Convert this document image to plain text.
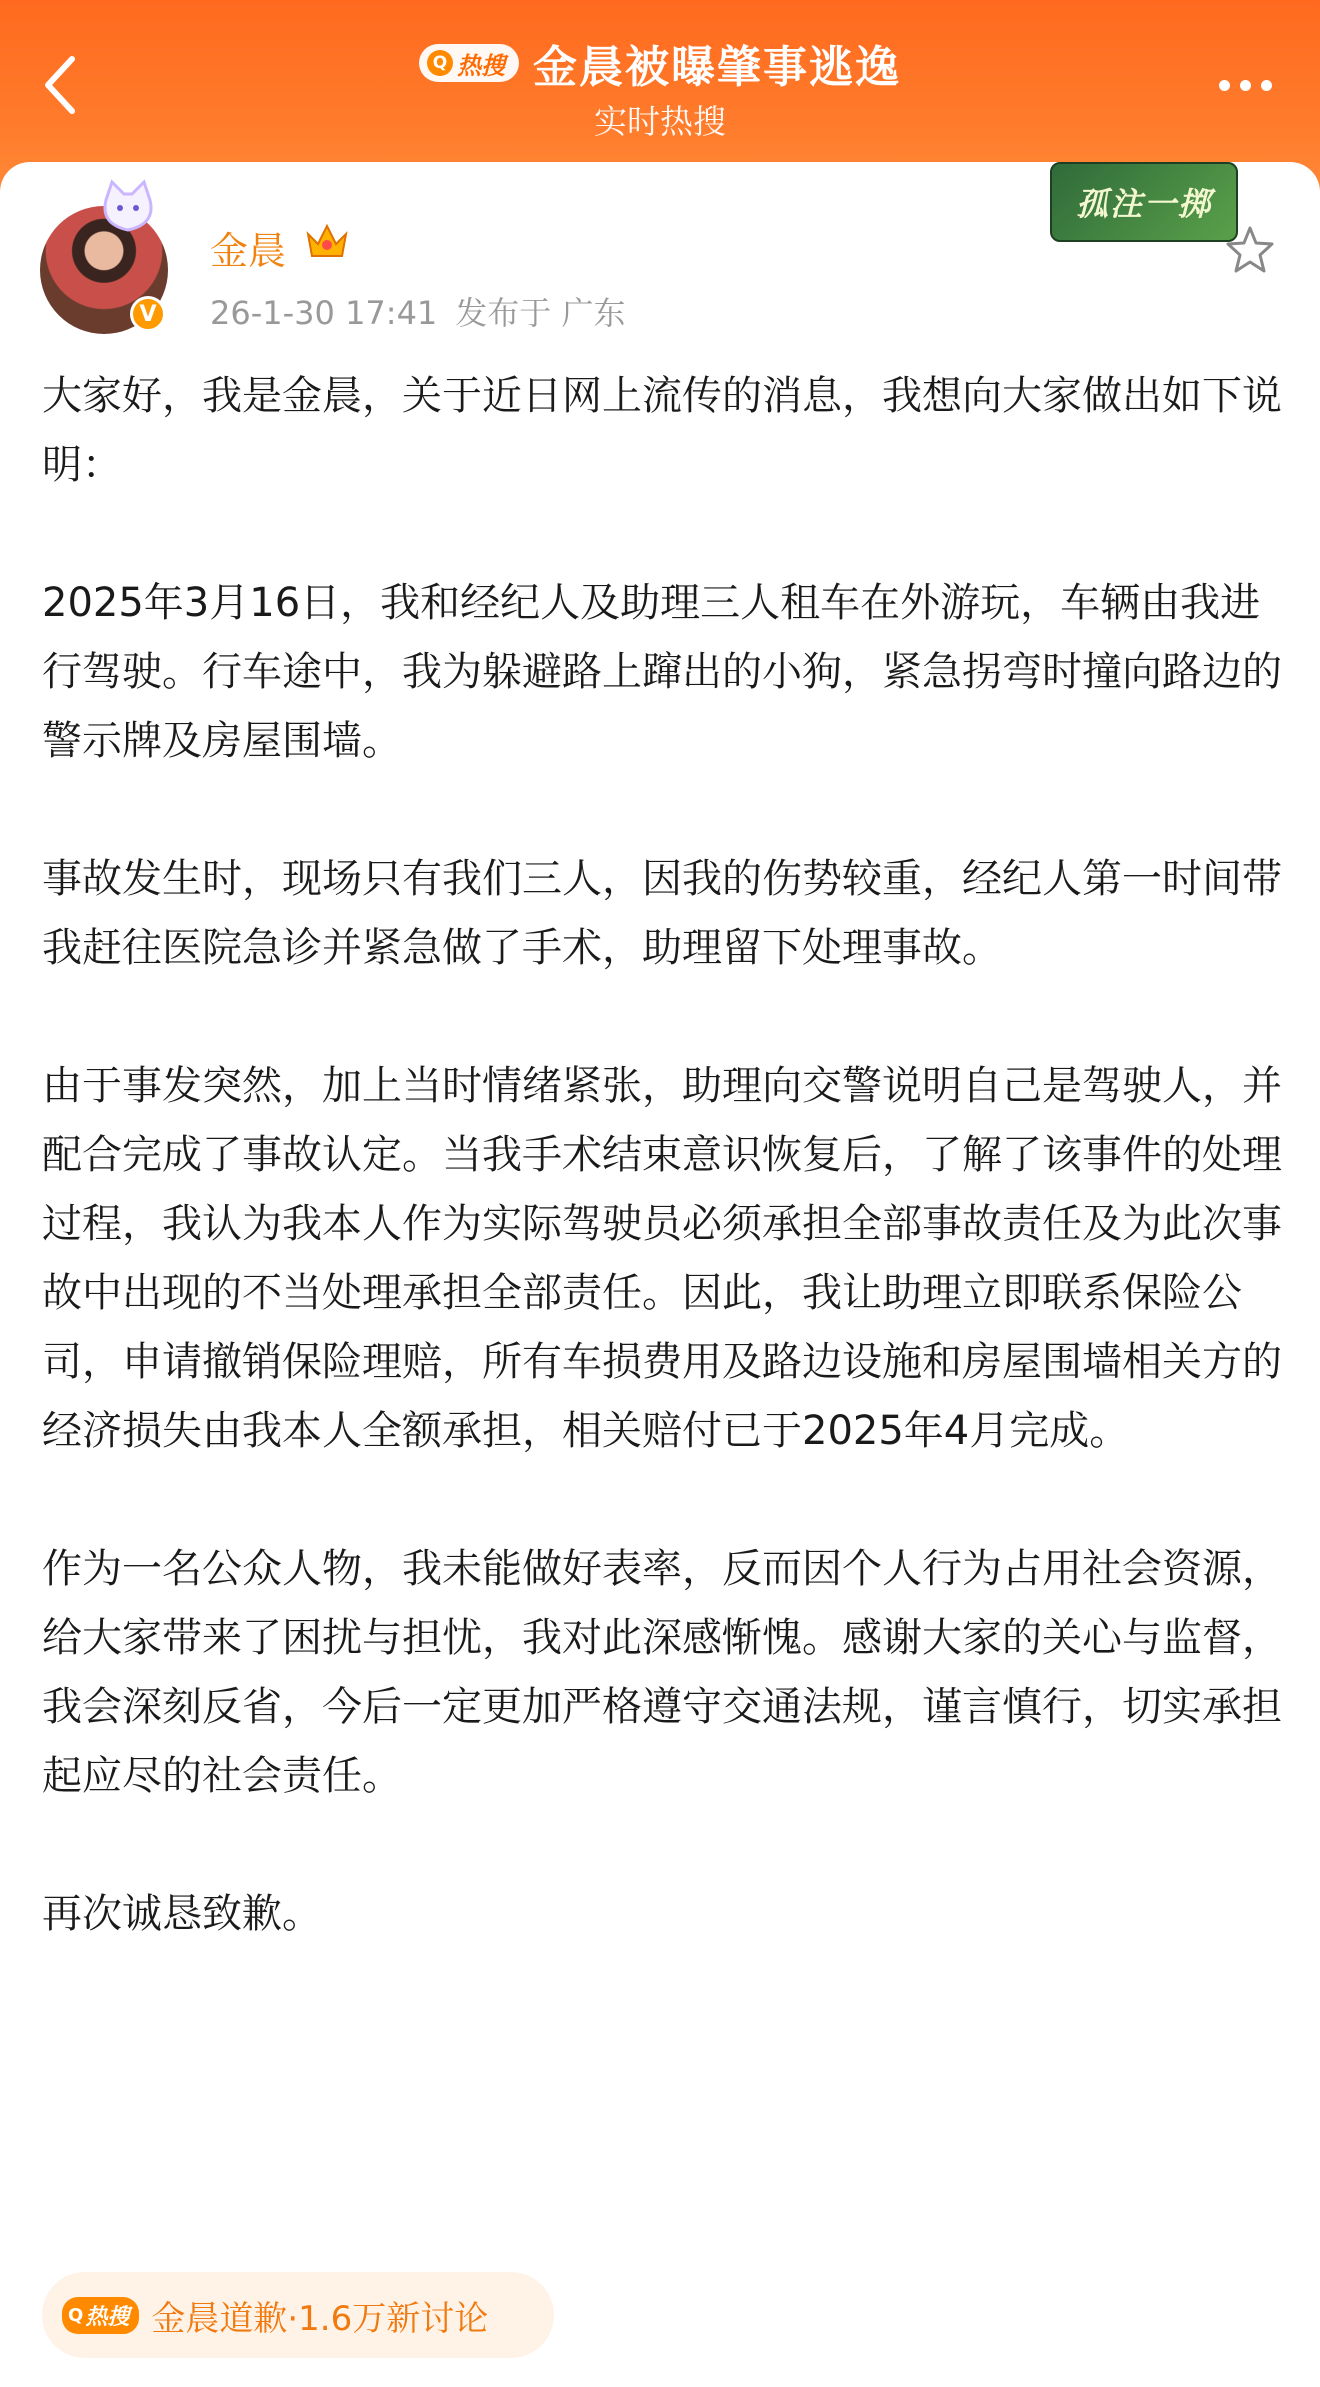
Q 热搜 金晨被曝肇事逃逸
实时热搜
V
金晨
26-1-30 17:41 发布于 广东
孤注一掷

大家好，我是金晨，关于近日网上流传的消息，我想向大家做出如下说明：

2025年3月16日，我和经纪人及助理三人租车在外游玩，车辆由我进行驾驶。行车途中，我为躲避路上蹿出的小狗，紧急拐弯时撞向路边的警示牌及房屋围墙。

事故发生时，现场只有我们三人，因我的伤势较重，经纪人第一时间带我赶往医院急诊并紧急做了手术，助理留下处理事故。

由于事发突然，加上当时情绪紧张，助理向交警说明自己是驾驶人，并配合完成了事故认定。当我手术结束意识恢复后，了解了该事件的处理过程，我认为我本人作为实际驾驶员必须承担全部事故责任及为此次事故中出现的不当处理承担全部责任。因此，我让助理立即联系保险公司，申请撤销保险理赔，所有车损费用及路边设施和房屋围墙相关方的经济损失由我本人全额承担，相关赔付已于2025年4月完成。

作为一名公众人物，我未能做好表率，反而因个人行为占用社会资源，给大家带来了困扰与担忧，我对此深感惭愧。感谢大家的关心与监督，我会深刻反省，今后一定更加严格遵守交通法规，谨言慎行，切实承担起应尽的社会责任。

再次诚恳致歉。

Q 热搜 金晨道歉·1.6万新讨论
